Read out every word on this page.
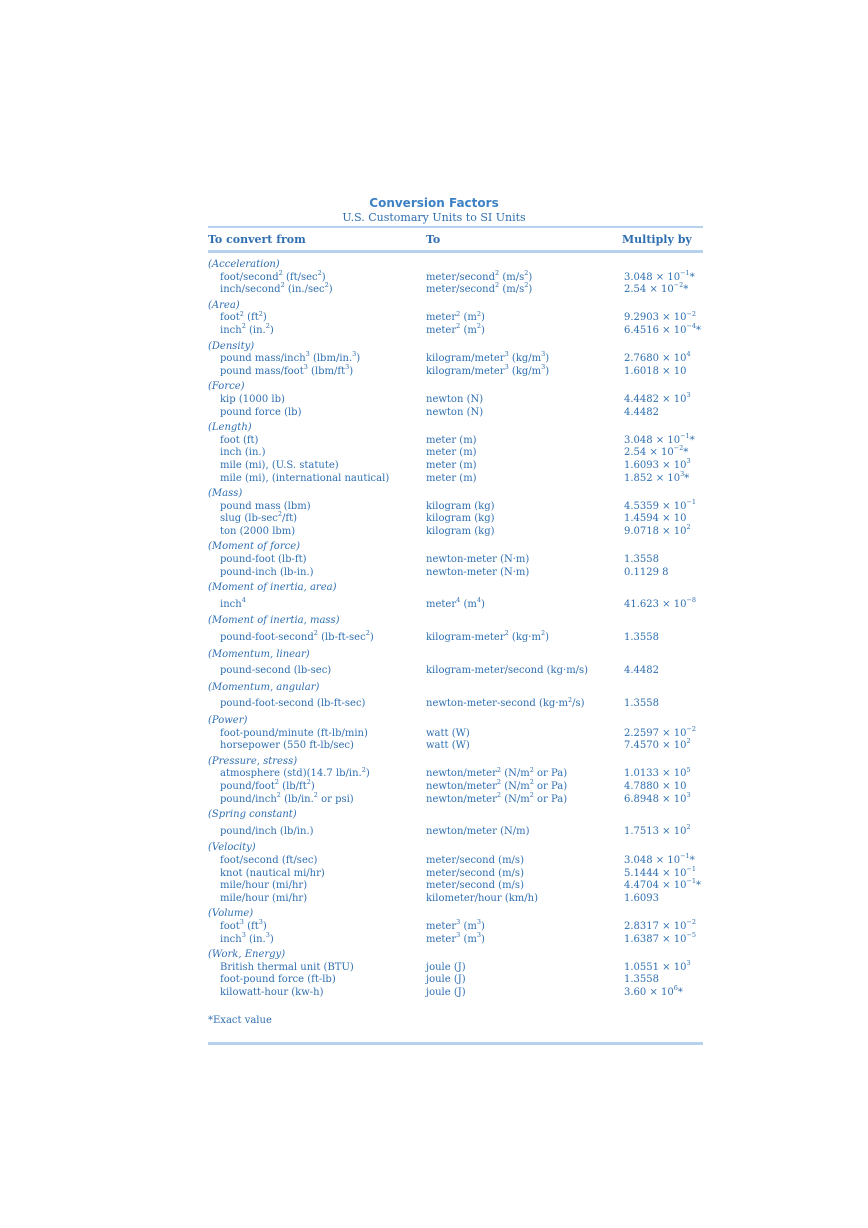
Conversion Factors
U.S. Customary Units to SI Units
To convert from	To	Multiply by
(Acceleration)
foot/second$^2$ $(ft/\sec^2)$	meter/second$^2$ $(m/s^2)$	$3.048 \times 10^{-1}*$
inch/second$^2$ $(in./\sec^2)$	meter/second$^2$ $(m/s^2)$	$2.54 \times 10^{-2}*$
(Area)
foot$^2$ $(ft^2)$	meter$^2$ $(m^2)$	$9.2903 \times 10^{-2}$
inch$^2$ (in.$^2$)	meter$^2$ $(m^2)$	$6.4516 \times 10^{-4}*$
(Density)
pound mass/inch$^3$ (lbm/in.$^3$)	kilogram/meter$^3$ $(kg/m^3)$	$2.7680 \times 10^4$
pound mass/foot$^3$ $(lbm/ft^3)$	kilogram/meter$^3$ $(kg/m^3)$	1.6018 × 10
(Force)
kip (1000 lb)	newton (N)	$4.4482 \times 10^3$
pound force (lb)	newton (N)	4.4482
(Length)
foot (ft)	meter (m)	$3.048 \times 10^{-1}*$
inch (in.)	meter (m)	$2.54 \times 10^{-2}*$
mile (mi), (U.S. statute)	meter (m)	$1.6093 \times 10^3$
mile (mi), (international nautical)	meter (m)	$1.852 \times 10^3*$
(Mass)
pound mass (lbm)	kilogram (kg)	$4.5359 \times 10^{-1}$
slug $(lb-\sec^2/ft)$	kilogram (kg)	1.4594 × 10
ton (2000 lbm)	kilogram (kg)	$9.0718 \times 10^2$
(Moment of force)
pound-foot (lb-ft)	newton-meter (N·m)	1.3558
pound-inch (lb-in.)	newton-meter (N·m)	0.1129 8
(Moment of inertia, area)
inch$^4$	meter$^4$ $(m^4)$	$41.623 \times 10^{-8}$
(Moment of inertia, mass)
pound-foot-second$^2$ $(lb-ft-\sec^2)$	kilogram-meter$^2$ $(kg\cdot m^2)$	1.3558
(Momentum, linear)
pound-second (lb-sec)	kilogram-meter/second (kg·m/s)	4.4482
(Momentum, angular)
pound-foot-second (lb-ft-sec)	newton-meter-second $(kg\cdot m^2/s)$	1.3558
(Power)
foot-pound/minute (ft-lb/min)	watt (W)	$2.2597 \times 10^{-2}$
horsepower (550 ft-lb/sec)	watt (W)	$7.4570 \times 10^2$
(Pressure, stress)
atmosphere (std)(14.7 lb/in.$^2$)	newton/meter$^2$ ($N/m^2$ or Pa)	$1.0133 \times 10^5$
pound/foot$^2$ $(lb/ft^2)$	newton/meter$^2$ ($N/m^2$ or Pa)	4.7880 × 10
pound/inch$^2$ (lb/in.$^2$ or psi)	newton/meter$^2$ ($N/m^2$ or Pa)	$6.8948 \times 10^3$
(Spring constant)
pound/inch (lb/in.)	newton/meter (N/m)	$1.7513 \times 10^2$
(Velocity)
foot/second (ft/sec)	meter/second (m/s)	$3.048 \times 10^{-1}*$
knot (nautical mi/hr)	meter/second (m/s)	$5.1444 \times 10^{-1}$
mile/hour (mi/hr)	meter/second (m/s)	$4.4704 \times 10^{-1}*$
mile/hour (mi/hr)	kilometer/hour (km/h)	1.6093
(Volume)
foot$^3$ $(ft^3)$	meter$^3$ $(m^3)$	$2.8317 \times 10^{-2}$
inch$^3$ (in.$^3$)	meter$^3$ $(m^3)$	$1.6387 \times 10^{-5}$
(Work, Energy)
British thermal unit (BTU)	joule (J)	$1.0551 \times 10^3$
foot-pound force (ft-lb)	joule (J)	1.3558
kilowatt-hour (kw-h)	joule (J)	$3.60 \times 10^6*$
*Exact value
